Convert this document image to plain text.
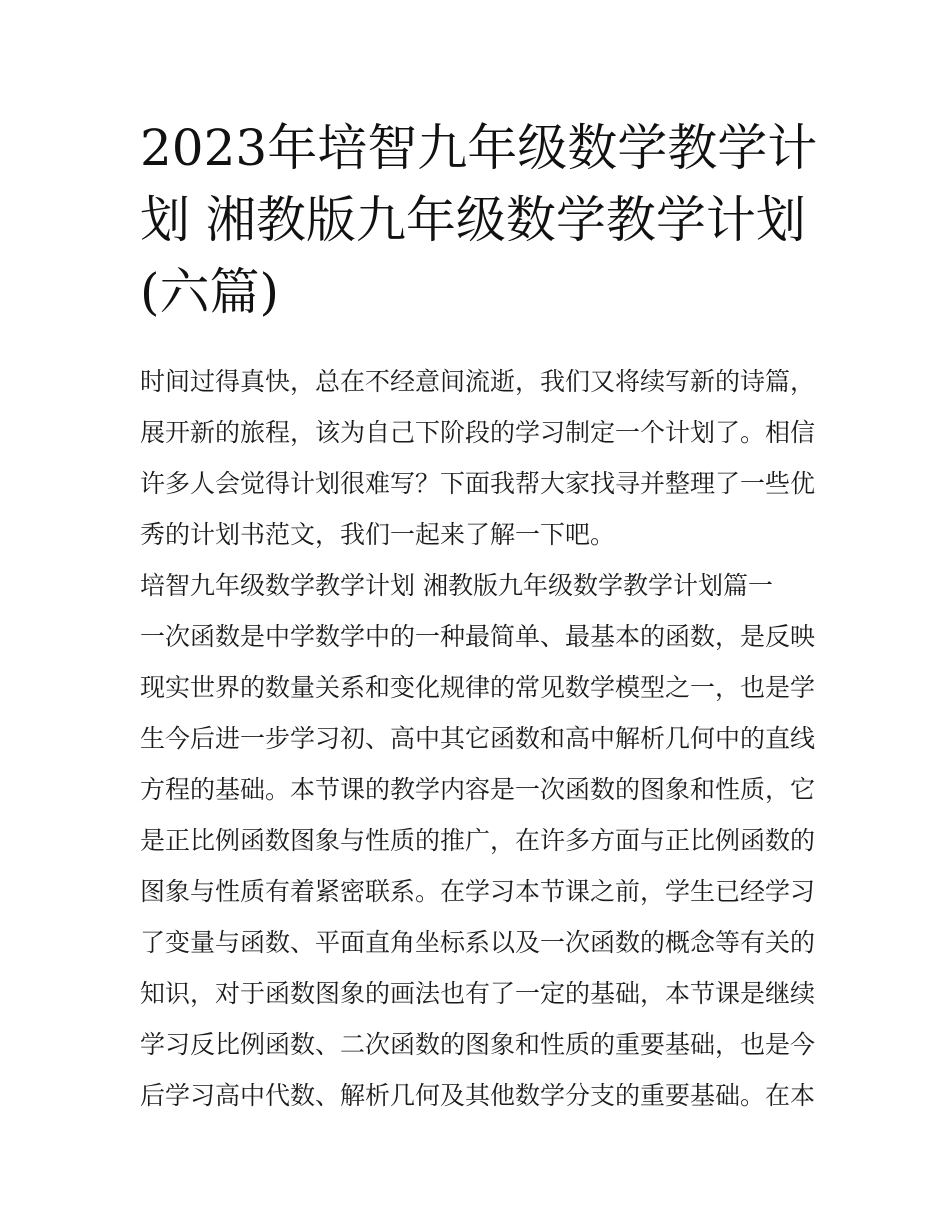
2023年培智九年级数学教学计
划 湘教版九年级数学教学计划
(六篇)
时间过得真快，总在不经意间流逝，我们又将续写新的诗篇，
展开新的旅程，该为自己下阶段的学习制定一个计划了。相信
许多人会觉得计划很难写？下面我帮大家找寻并整理了一些优
秀的计划书范文，我们一起来了解一下吧。
培智九年级数学教学计划 湘教版九年级数学教学计划篇一
一次函数是中学数学中的一种最简单、最基本的函数，是反映
现实世界的数量关系和变化规律的常见数学模型之一，也是学
生今后进一步学习初、高中其它函数和高中解析几何中的直线
方程的基础。本节课的教学内容是一次函数的图象和性质，它
是正比例函数图象与性质的推广，在许多方面与正比例函数的
图象与性质有着紧密联系。在学习本节课之前，学生已经学习
了变量与函数、平面直角坐标系以及一次函数的概念等有关的
知识，对于函数图象的画法也有了一定的基础，本节课是继续
学习反比例函数、二次函数的图象和性质的重要基础，也是今
后学习高中代数、解析几何及其他数学分支的重要基础。在本
